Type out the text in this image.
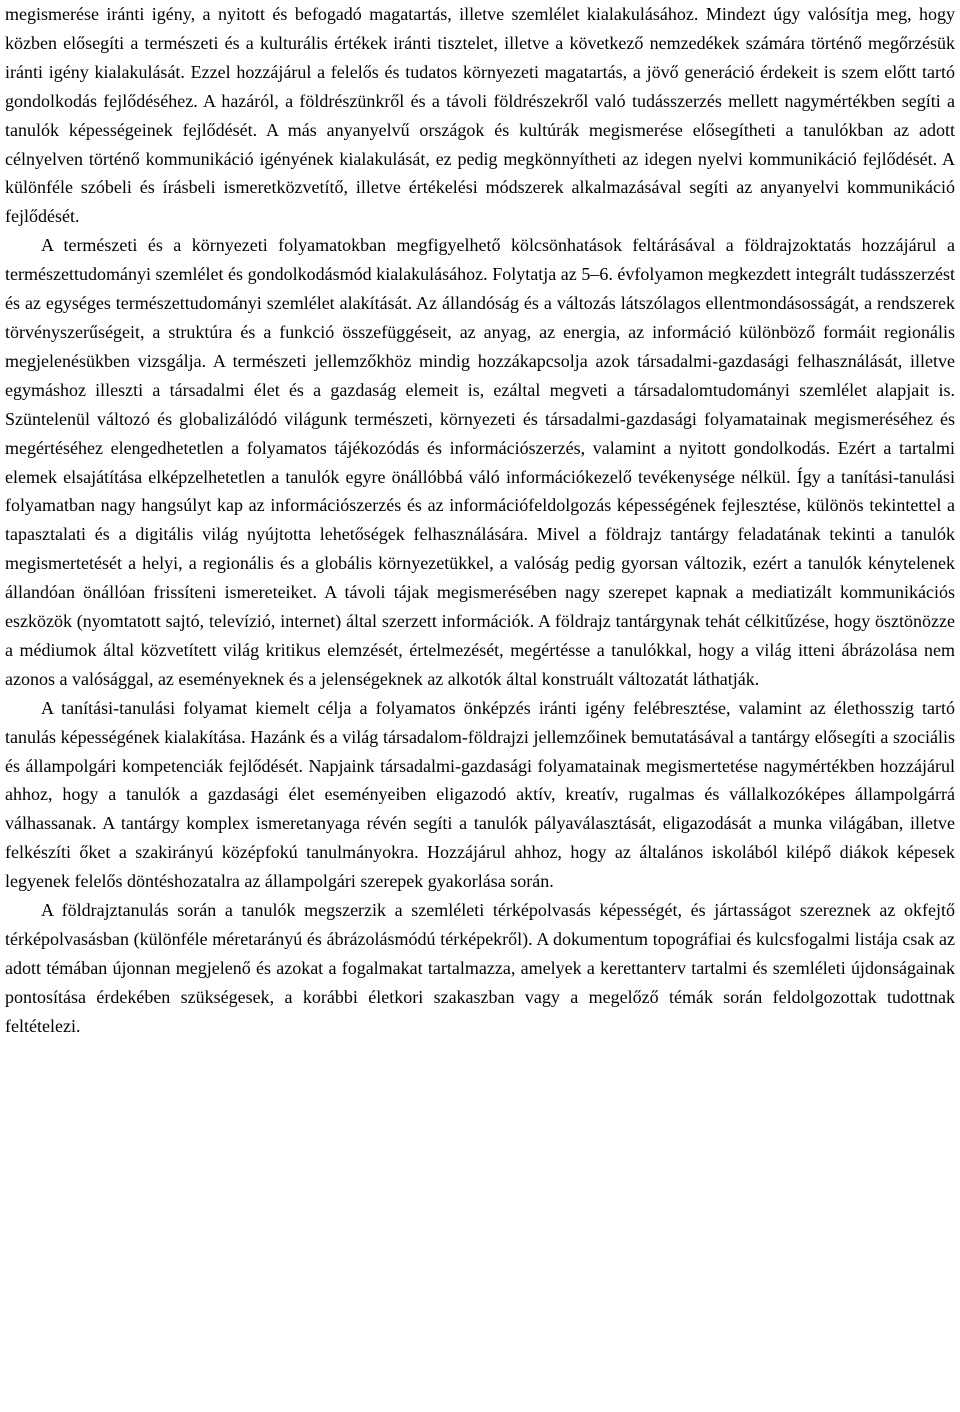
megismerése iránti igény, a nyitott és befogadó magatartás, illetve szemlélet kialakulásához. Mindezt úgy valósítja meg, hogy közben elősegíti a természeti és a kulturális értékek iránti tisztelet, illetve a következő nemzedékek számára történő megőrzésük iránti igény kialakulását. Ezzel hozzájárul a felelős és tudatos környezeti magatartás, a jövő generáció érdekeit is szem előtt tartó gondolkodás fejlődéséhez. A hazáról, a földrészünkről és a távoli földrészekről való tudásszerzés mellett nagymértékben segíti a tanulók képességeinek fejlődését. A más anyanyelvű országok és kultúrák megismerése elősegítheti a tanulókban az adott célnyelven történő kommunikáció igényének kialakulását, ez pedig megkönnyítheti az idegen nyelvi kommunikáció fejlődését. A különféle szóbeli és írásbeli ismeretközvetítő, illetve értékelési módszerek alkalmazásával segíti az anyanyelvi kommunikáció fejlődését.

A természeti és a környezeti folyamatokban megfigyelhető kölcsönhatások feltárásával a földrajzoktatás hozzájárul a természettudományi szemlélet és gondolkodásmód kialakulásához. Folytatja az 5–6. évfolyamon megkezdett integrált tudásszerzést és az egységes természettudományi szemlélet alakítását. Az állandóság és a változás látszólagos ellentmondásosságát, a rendszerek törvényszerűségeit, a struktúra és a funkció összefüggéseit, az anyag, az energia, az információ különböző formáit regionális megjelenésükben vizsgálja. A természeti jellemzőkhöz mindig hozzákapcsolja azok társadalmi-gazdasági felhasználását, illetve egymáshoz illeszti a társadalmi élet és a gazdaság elemeit is, ezáltal megveti a társadalomtudományi szemlélet alapjait is. Szüntelenül változó és globalizálódó világunk természeti, környezeti és társadalmi-gazdasági folyamatainak megismeréséhez és megértéséhez elengedhetetlen a folyamatos tájékozódás és információszerzés, valamint a nyitott gondolkodás. Ezért a tartalmi elemek elsajátítása elképzelhetetlen a tanulók egyre önállóbbá váló információkezelő tevékenysége nélkül. Így a tanítási-tanulási folyamatban nagy hangsúlyt kap az információszerzés és az információfeldolgozás képességének fejlesztése, különös tekintettel a tapasztalati és a digitális világ nyújtotta lehetőségek felhasználására. Mivel a földrajz tantárgy feladatának tekinti a tanulók megismertetését a helyi, a regionális és a globális környezetükkel, a valóság pedig gyorsan változik, ezért a tanulók kénytelenek állandóan önállóan frissíteni ismereteiket. A távoli tájak megismerésében nagy szerepet kapnak a mediatizált kommunikációs eszközök (nyomtatott sajtó, televízió, internet) által szerzett információk. A földrajz tantárgynak tehát célkitűzése, hogy ösztönözze a médiumok által közvetített világ kritikus elemzését, értelmezését, megértésse a tanulókkal, hogy a világ itteni ábrázolása nem azonos a valósággal, az eseményeknek és a jelenségeknek az alkotók által konstruált változatát láthatják.

A tanítási-tanulási folyamat kiemelt célja a folyamatos önképzés iránti igény felébresztése, valamint az élethosszig tartó tanulás képességének kialakítása. Hazánk és a világ társadalom-földrajzi jellemzőinek bemutatásával a tantárgy elősegíti a szociális és állampolgári kompetenciák fejlődését. Napjaink társadalmi-gazdasági folyamatainak megismertetése nagymértékben hozzájárul ahhoz, hogy a tanulók a gazdasági élet eseményeiben eligazodó aktív, kreatív, rugalmas és vállalkozóképes állampolgárrá válhassanak. A tantárgy komplex ismeretanyaga révén segíti a tanulók pályaválasztását, eligazodását a munka világában, illetve felkészíti őket a szakirányú középfokú tanulmányokra. Hozzájárul ahhoz, hogy az általános iskolából kilépő diákok képesek legyenek felelős döntéshozatalra az állampolgári szerepek gyakorlása során.

A földrajztanulás során a tanulók megszerzik a szemléleti térképolvasás képességét, és jártasságot szereznek az okfejtő térképolvasásban (különféle méretarányú és ábrázolásmódú térképekről). A dokumentum topográfiai és kulcsfogalmi listája csak az adott témában újonnan megjelenő és azokat a fogalmakat tartalmazza, amelyek a kerettanterv tartalmi és szemléleti újdonságainak pontosítása érdekében szükségesek, a korábbi életkori szakaszban vagy a megelőző témák során feldolgozottak tudottnak feltételezi.
